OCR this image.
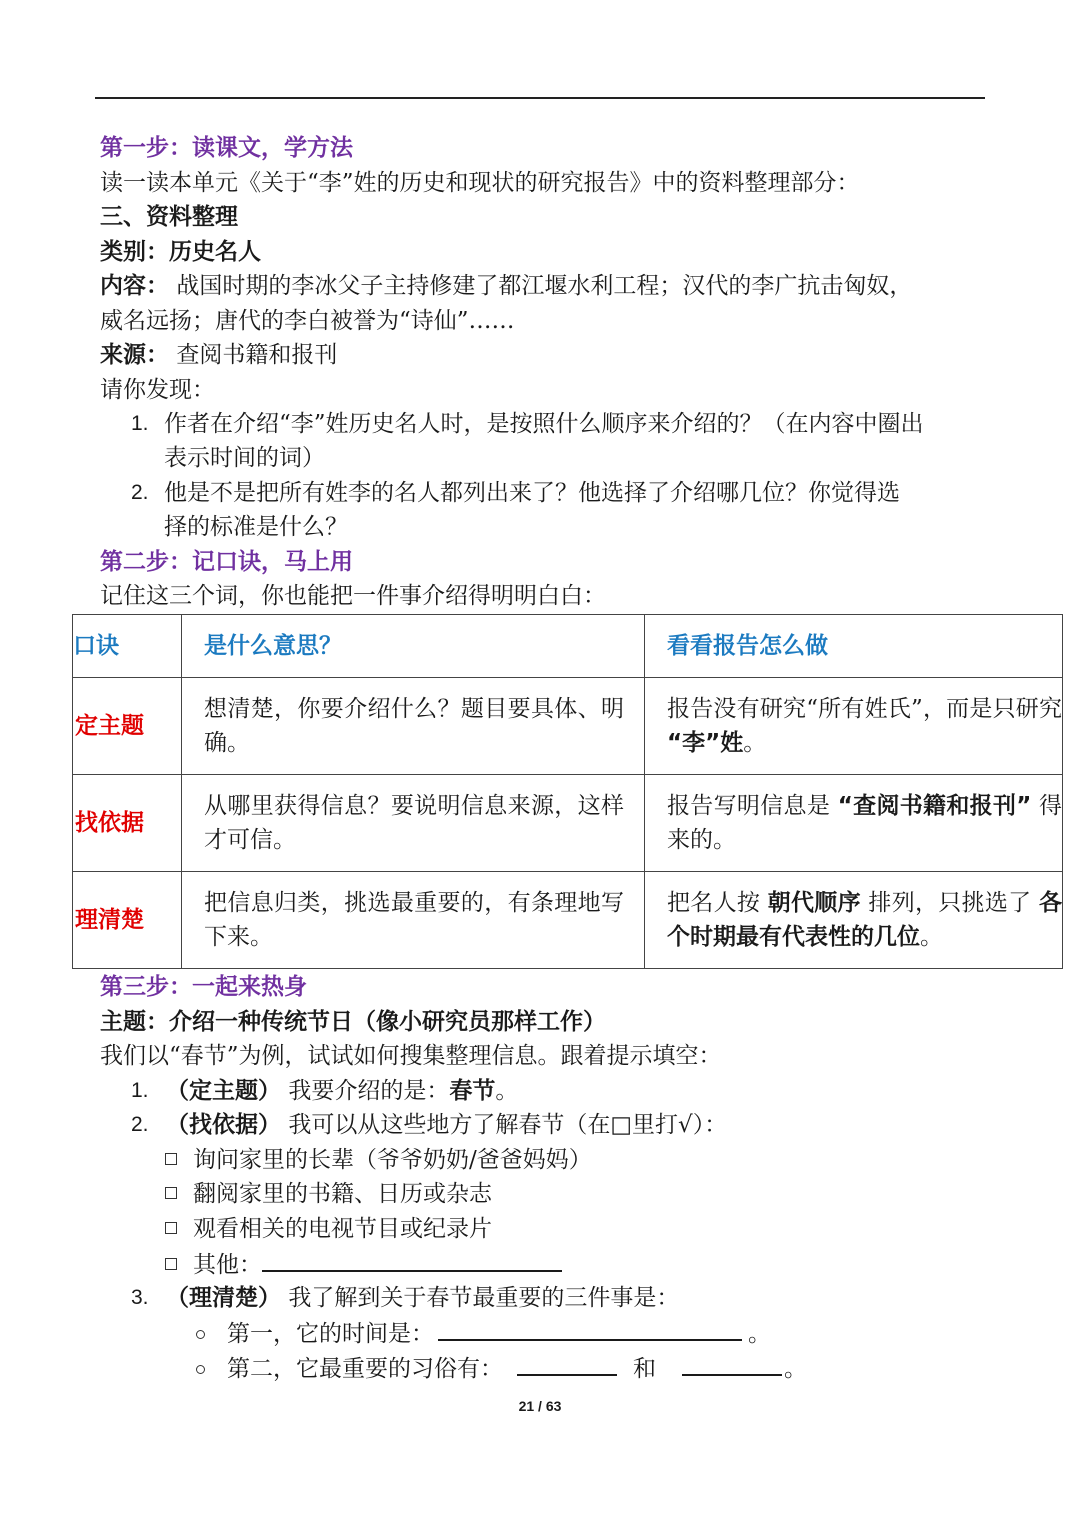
第一步：读课文，学方法
读一读本单元《关于“李”姓的历史和现状的研究报告》中的资料整理部分：
三、资料整理
类别：历史名人
内容： 战国时期的李冰父子主持修建了都江堰水利工程；汉代的李广抗击匈奴，
威名远扬；唐代的李白被誉为“诗仙”……
来源： 查阅书籍和报刊
请你发现：
1. 作者在介绍“李”姓历史名人时，是按照什么顺序来介绍的？（在内容中圈出
表示时间的词）
2. 他是不是把所有姓李的名人都列出来了？他选择了介绍哪几位？你觉得选
择的标准是什么？
第二步：记口诀，马上用
记住这三个词，你也能把一件事介绍得明明白白：
口诀	是什么意思？	看看报告怎么做
定主题	想清楚，你要介绍什么？题目要具体、明确。	报告没有研究“所有姓氏”，而是只研究 “李”姓。
找依据	从哪里获得信息？要说明信息来源，这样才可信。	报告写明信息是 “查阅书籍和报刊” 得来的。
理清楚	把信息归类，挑选最重要的，有条理地写下来。	把名人按 朝代顺序 排列，只挑选了 各个时期最有代表性的几位。
第三步：一起来热身
主题：介绍一种传统节日（像小研究员那样工作）
我们以“春节”为例，试试如何搜集整理信息。跟着提示填空：
1. （定主题） 我要介绍的是：春节。
2. （找依据） 我可以从这些地方了解春节（在□里打√）：
询问家里的长辈（爷爷奶奶/爸爸妈妈）
翻阅家里的书籍、日历或杂志
观看相关的电视节目或纪录片
其他：
3. （理清楚） 我了解到关于春节最重要的三件事是：
第一，它的时间是：	。
第二，它最重要的习俗有：	和	。
21 / 63
